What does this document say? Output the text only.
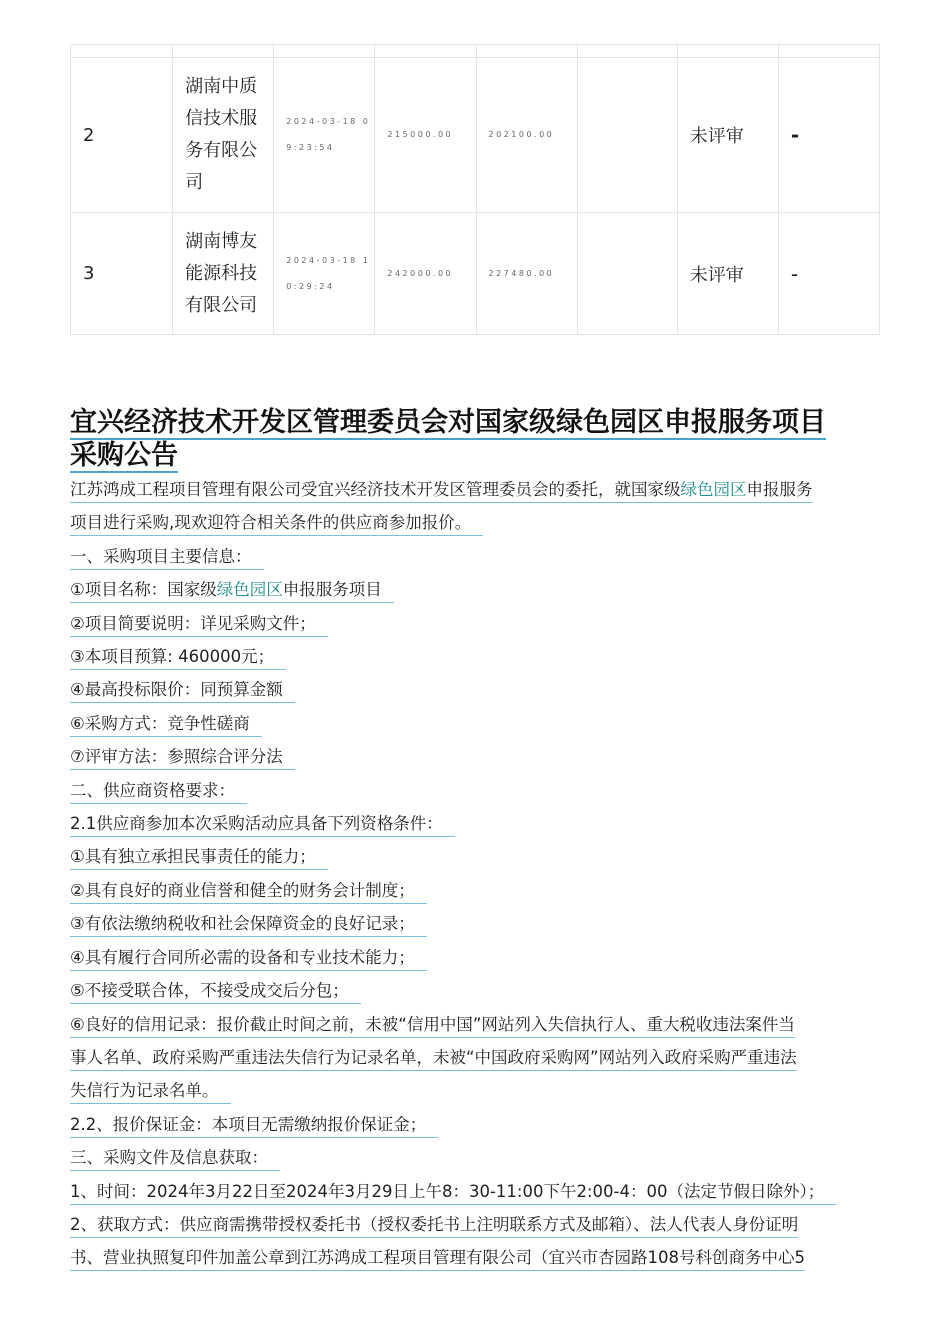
2	湖南中质信技术服务有限公司	2024-03-18 09:23:54	215000.00	202100.00		未评审	-

3	湖南博友能源科技有限公司	2024-03-18 10:29:24	242000.00	227480.00		未评审	-
宜兴经济技术开发区管理委员会对国家级绿色园区申报服务项目
采购公告
江苏鸿成工程项目管理有限公司受宜兴经济技术开发区管理委员会的委托，就国家级绿色园区申报服务
项目进行采购,现欢迎符合相关条件的供应商参加报价。
一、采购项目主要信息：
①项目名称：国家级绿色园区申报服务项目
②项目简要说明：详见采购文件；
③本项目预算: 460000元；
④最高投标限价：同预算金额
⑥采购方式：竞争性磋商
⑦评审方法：参照综合评分法
二、供应商资格要求：
2.1供应商参加本次采购活动应具备下列资格条件：
①具有独立承担民事责任的能力；
②具有良好的商业信誉和健全的财务会计制度；
③有依法缴纳税收和社会保障资金的良好记录；
④具有履行合同所必需的设备和专业技术能力；
⑤不接受联合体，不接受成交后分包；
⑥良好的信用记录：报价截止时间之前，未被“信用中国”网站列入失信执行人、重大税收违法案件当
事人名单、政府采购严重违法失信行为记录名单，未被“中国政府采购网”网站列入政府采购严重违法
失信行为记录名单。
2.2、报价保证金：本项目无需缴纳报价保证金；
三、采购文件及信息获取：
1、时间：2024年3月22日至2024年3月29日上午8：30-11:00下午2:00-4：00（法定节假日除外）；
2、获取方式：供应商需携带授权委托书（授权委托书上注明联系方式及邮箱）、法人代表人身份证明
书、营业执照复印件加盖公章到江苏鸿成工程项目管理有限公司（宜兴市杏园路108号科创商务中心5
